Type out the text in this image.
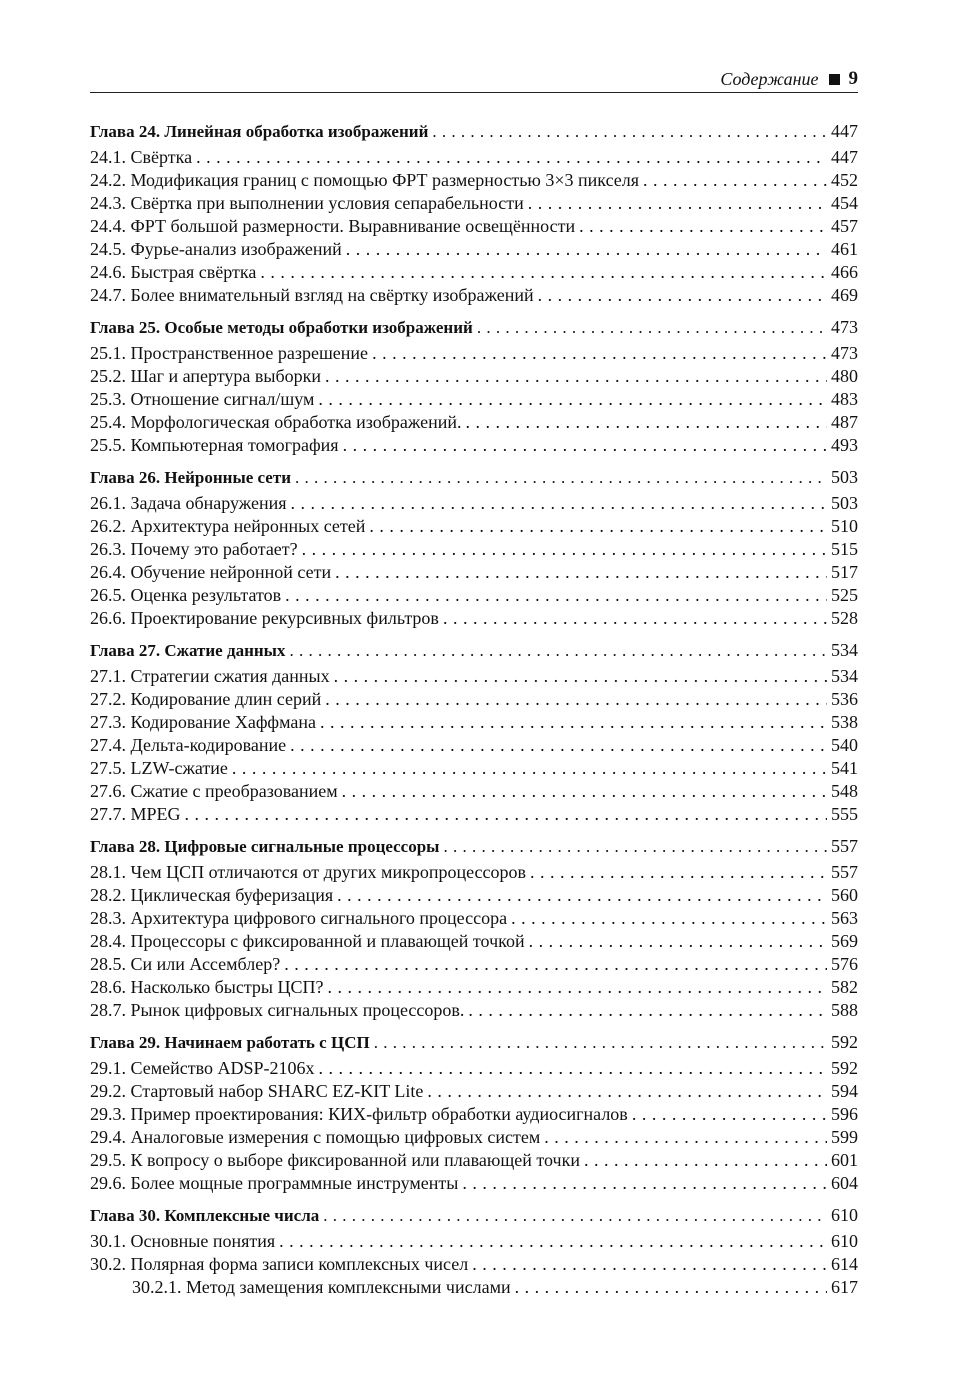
Содержание 9
Глава 24. Линейная обработка изображений . . .	447
24.1. Свёртка . . .	447
24.2. Модификация границ с помощью ФРТ размерностью 3×3 пикселя . . .	452
24.3. Свёртка при выполнении условия сепарабельности . . .	454
24.4. ФРТ большой размерности. Выравнивание освещённости . . .	457
24.5. Фурье-анализ изображений . . .	461
24.6. Быстрая свёртка . . .	466
24.7. Более внимательный взгляд на свёртку изображений . . .	469
Глава 25. Особые методы обработки изображений . . .	473
25.1. Пространственное разрешение . . .	473
25.2. Шаг и апертура выборки . . .	480
25.3. Отношение сигнал/шум . . .	483
25.4. Морфологическая обработка изображений. . . .	487
25.5. Компьютерная томография . . .	493
Глава 26. Нейронные сети . . .	503
26.1. Задача обнаружения . . .	503
26.2. Архитектура нейронных сетей . . .	510
26.3. Почему это работает? . . .	515
26.4. Обучение нейронной сети . . .	517
26.5. Оценка результатов . . .	525
26.6. Проектирование рекурсивных фильтров . . .	528
Глава 27. Сжатие данных . . .	534
27.1. Стратегии сжатия данных . . .	534
27.2. Кодирование длин серий . . .	536
27.3. Кодирование Хаффмана . . .	538
27.4. Дельта-кодирование . . .	540
27.5. LZW-сжатие . . .	541
27.6. Сжатие с преобразованием . . .	548
27.7. MPEG . . .	555
Глава 28. Цифровые сигнальные процессоры . . .	557
28.1. Чем ЦСП отличаются от других микропроцессоров . . .	557
28.2. Циклическая буферизация . . .	560
28.3. Архитектура цифрового сигнального процессора . . .	563
28.4. Процессоры с фиксированной и плавающей точкой . . .	569
28.5. Си или Ассемблер? . . .	576
28.6. Насколько быстры ЦСП? . . .	582
28.7. Рынок цифровых сигнальных процессоров. . . .	588
Глава 29. Начинаем работать с ЦСП . . .	592
29.1. Семейство ADSP-2106x . . .	592
29.2. Стартовый набор SHARC EZ-KIT Lite . . .	594
29.3. Пример проектирования: КИХ-фильтр обработки аудиосигналов . . .	596
29.4. Аналоговые измерения с помощью цифровых систем . . .	599
29.5. К вопросу о выборе фиксированной или плавающей точки . . .	601
29.6. Более мощные программные инструменты . . .	604
Глава 30. Комплексные числа . . .	610
30.1. Основные понятия . . .	610
30.2. Полярная форма записи комплексных чисел . . .	614
30.2.1. Метод замещения комплексными числами . . .	617
